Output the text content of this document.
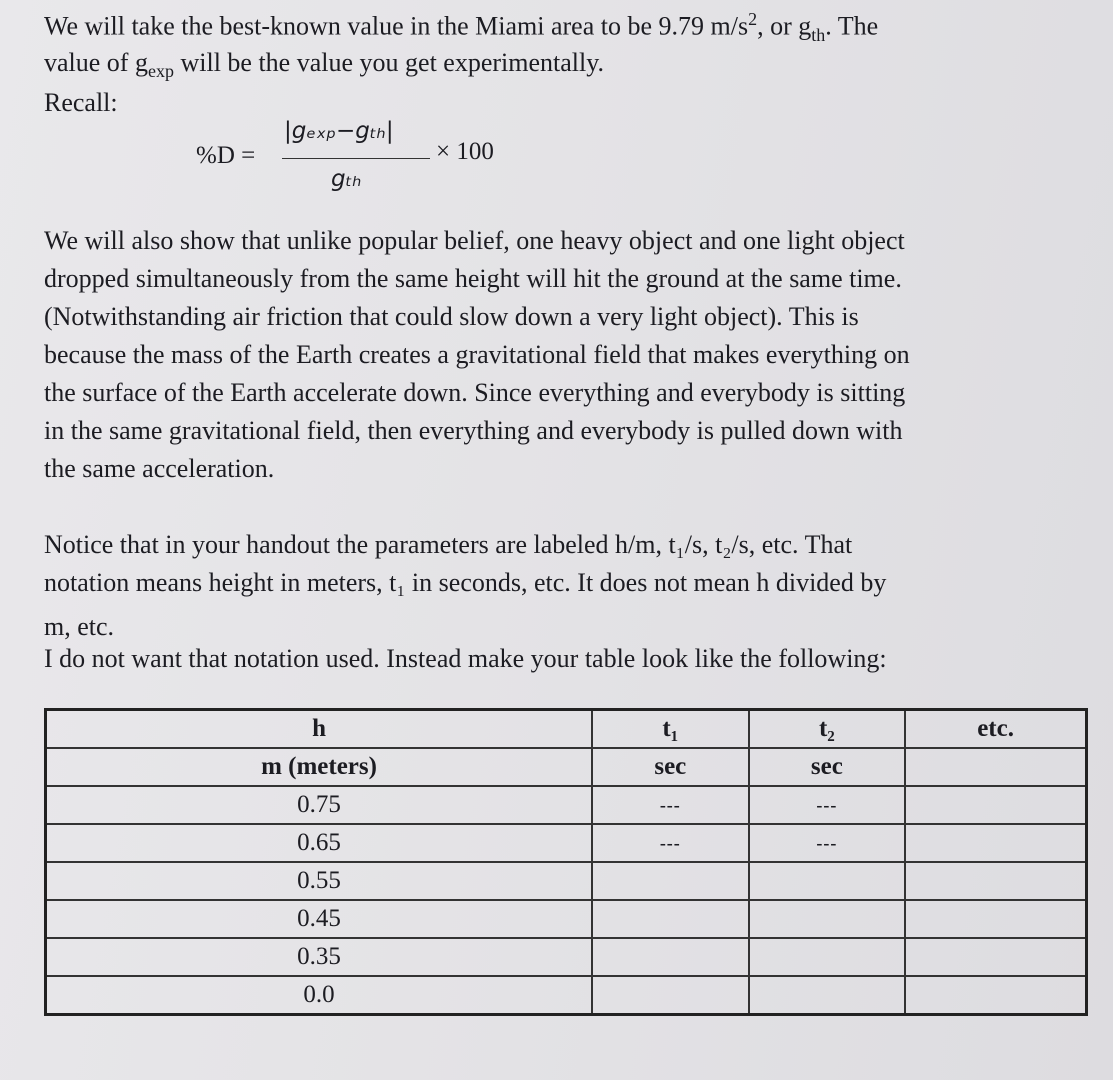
We will take the best-known value in the Miami area to be 9.79 $m/s^2$, or $g_{th}$. The

value of $g_{exp}$ will be the value you get experimentally.

Recall:

%D =
|gₑₓₚ−gₜₕ|
gₜₕ
× 100

We will also show that unlike popular belief, one heavy object and one light object

dropped simultaneously from the same height will hit the ground at the same time.

(Notwithstanding air friction that could slow down a very light object). This is

because the mass of the Earth creates a gravitational field that makes everything on

the surface of the Earth accelerate down. Since everything and everybody is sitting

in the same gravitational field, then everything and everybody is pulled down with

the same acceleration.

Notice that in your handout the parameters are labeled h/m, t₁/s, t₂/s, etc. That

notation means height in meters, t₁ in seconds, etc. It does not mean h divided by

m, etc.

I do not want that notation used. Instead make your table look like the following:

h	t₁	t₂	etc.
m (meters)	sec	sec	
0.75	---	---	
0.65	---	---	
0.55			
0.45			
0.35			
0.0			
